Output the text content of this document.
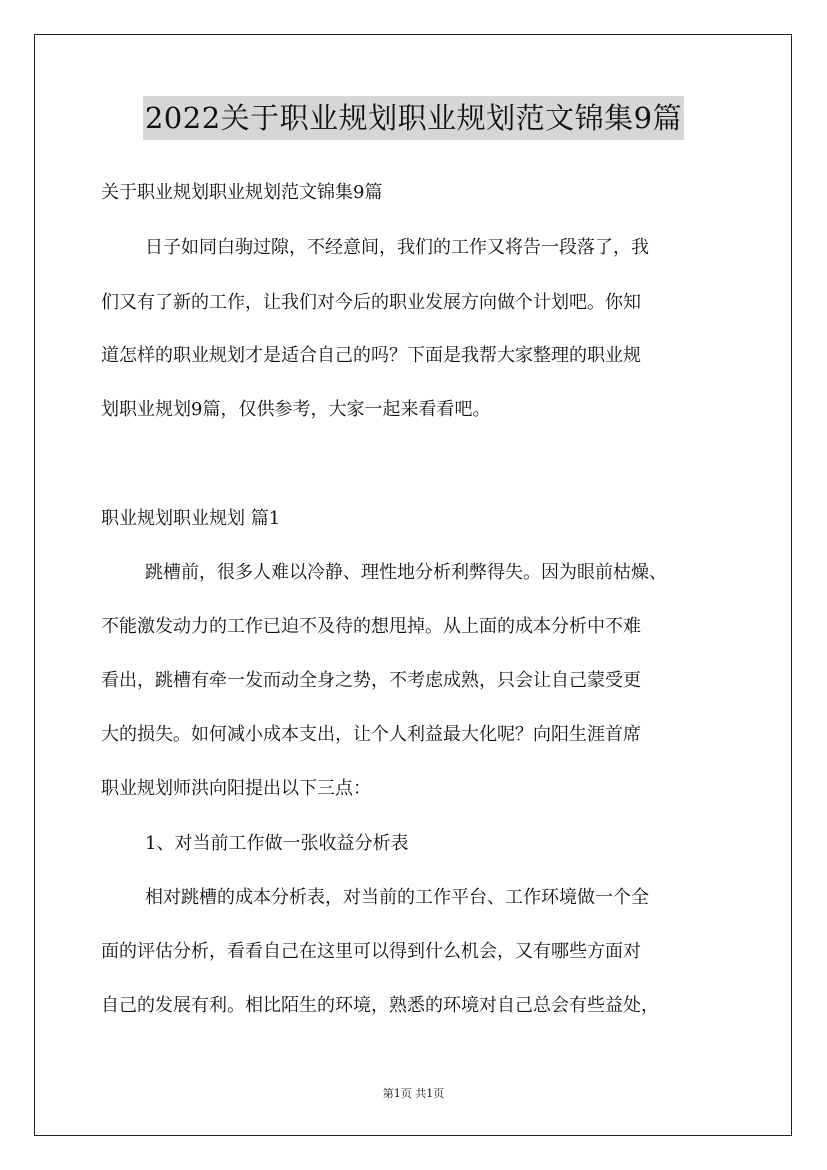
2022关于职业规划职业规划范文锦集9篇
关于职业规划职业规划范文锦集9篇
日子如同白驹过隙，不经意间，我们的工作又将告一段落了，我
们又有了新的工作，让我们对今后的职业发展方向做个计划吧。你知
道怎样的职业规划才是适合自己的吗？下面是我帮大家整理的职业规
划职业规划9篇，仅供参考，大家一起来看看吧。
职业规划职业规划 篇1
跳槽前，很多人难以冷静、理性地分析利弊得失。因为眼前枯燥、
不能激发动力的工作已迫不及待的想甩掉。从上面的成本分析中不难
看出，跳槽有牵一发而动全身之势，不考虑成熟，只会让自己蒙受更
大的损失。如何减小成本支出，让个人利益最大化呢？向阳生涯首席
职业规划师洪向阳提出以下三点：
1、对当前工作做一张收益分析表
相对跳槽的成本分析表，对当前的工作平台、工作环境做一个全
面的评估分析，看看自己在这里可以得到什么机会，又有哪些方面对
自己的发展有利。相比陌生的环境，熟悉的环境对自己总会有些益处，
第1页 共1页
